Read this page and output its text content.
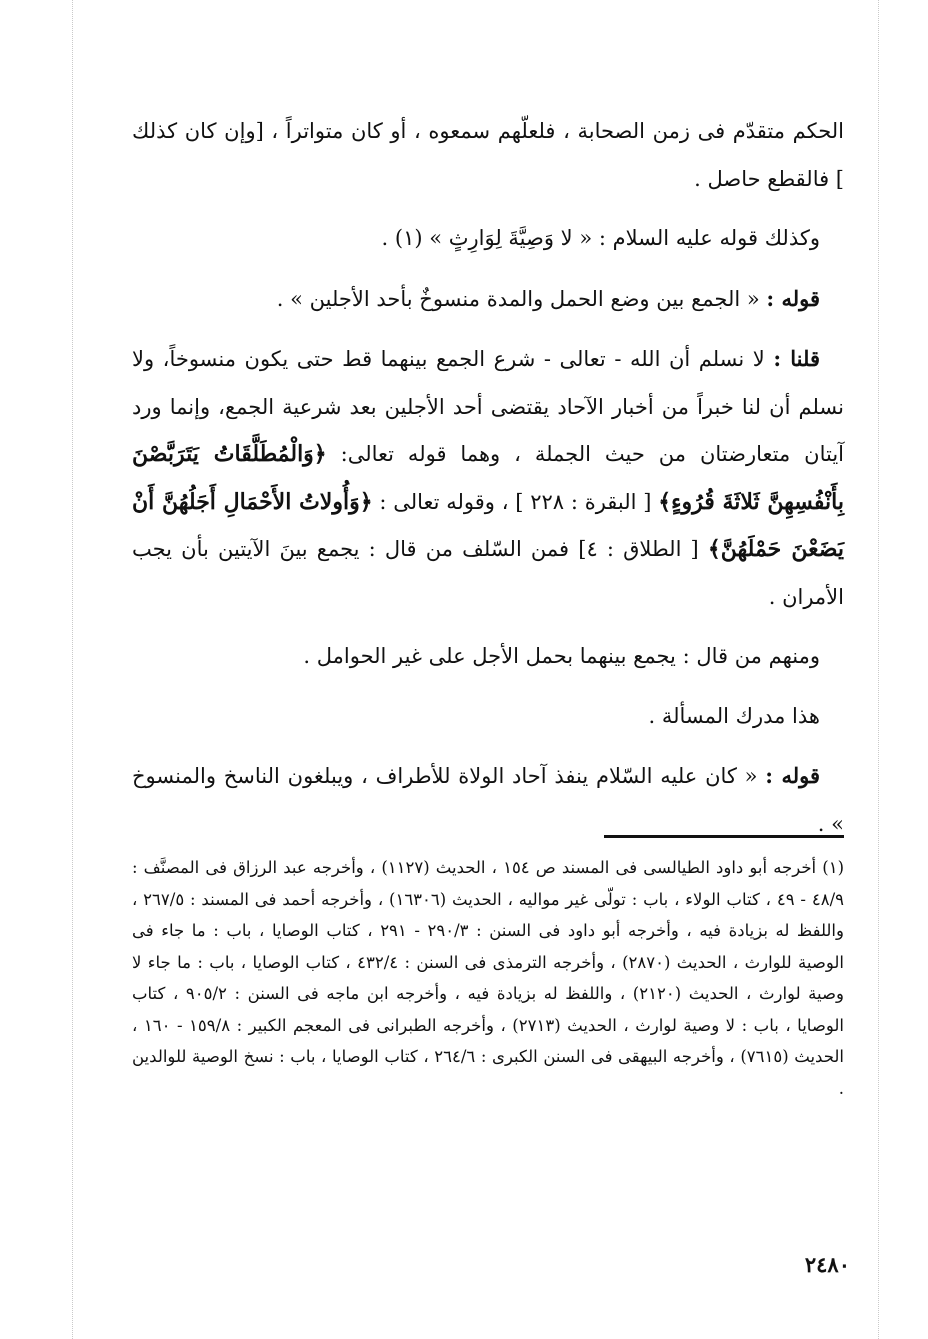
الحكم متقدّم فى زمن الصحابة ، فلعلّهم سمعوه ، أو كان متواتراً ، [وإن كان كذلك ] فالقطع حاصل .

وكذلك قوله عليه السلام : « لا وَصِيَّةَ لِوَارِثٍ » (١) .

قوله : « الجمع بين وضع الحمل والمدة منسوخٌ بأحد الأجلين » .

قلنا : لا نسلم أن الله - تعالى - شرع الجمع بينهما قط حتى يكون منسوخاً، ولا نسلم أن لنا خبراً من أخبار الآحاد يقتضى أحد الأجلين بعد شرعية الجمع، وإنما ورد آيتان متعارضتان من حيث الجملة ، وهما قوله تعالى: ﴿وَالْمُطَلَّقَاتُ يَتَرَبَّصْنَ بِأَنْفُسِهِنَّ ثَلاثَةَ قُرُوءٍ﴾ [ البقرة : ٢٢٨ ] ، وقوله تعالى : ﴿وَأُولاتُ الأَحْمَالِ أَجَلُهُنَّ أَنْ يَضَعْنَ حَمْلَهُنَّ﴾ [ الطلاق : ٤] فمن السّلف من قال : يجمع بينَ الآيتين بأن يجب الأمران .

ومنهم من قال : يجمع بينهما بحمل الأجل على غير الحوامل .

هذا مدرك المسألة .

قوله : « كان عليه السّلام ينفذ آحاد الولاة للأطراف ، ويبلغون الناسخ والمنسوخ » .

(١) أخرجه أبو داود الطيالسى فى المسند ص ١٥٤ ، الحديث (١١٢٧) ، وأخرجه عبد الرزاق فى المصنَّف : ٤٨/٩ - ٤٩ ، كتاب الولاء ، باب : تولّى غير مواليه ، الحديث (١٦٣٠٦) ، وأخرجه أحمد فى المسند : ٢٦٧/٥ ، واللفظ له بزيادة فيه ، وأخرجه أبو داود فى السنن : ٢٩٠/٣ - ٢٩١ ، كتاب الوصايا ، باب : ما جاء فى الوصية للوارث ، الحديث (٢٨٧٠) ، وأخرجه الترمذى فى السنن : ٤٣٢/٤ ، كتاب الوصايا ، باب : ما جاء لا وصية لوارث ، الحديث (٢١٢٠) ، واللفظ له بزيادة فيه ، وأخرجه ابن ماجه فى السنن : ٩٠٥/٢ ، كتاب الوصايا ، باب : لا وصية لوارث ، الحديث (٢٧١٣) ، وأخرجه الطبرانى فى المعجم الكبير : ١٥٩/٨ - ١٦٠ ، الحديث (٧٦١٥) ، وأخرجه البيهقى فى السنن الكبرى : ٢٦٤/٦ ، كتاب الوصايا ، باب : نسخ الوصية للوالدين .

٢٤٨٠
